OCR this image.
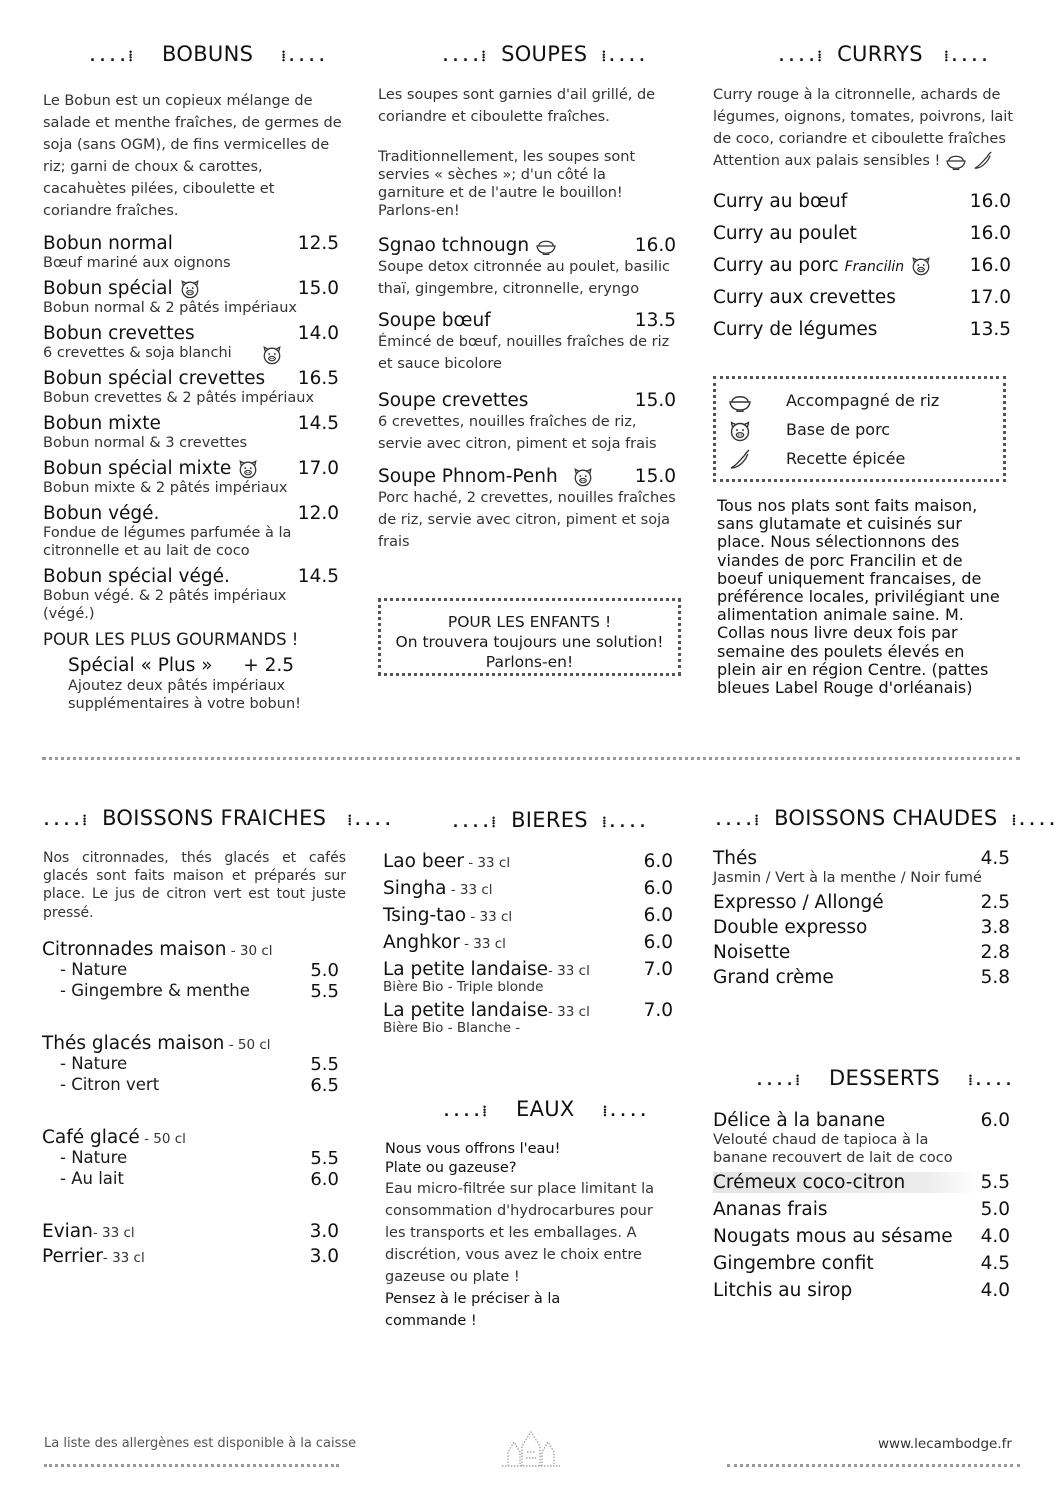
....⁞ BOBUNS ⁞....
Le Bobun est un copieux mélange de salade et menthe fraîches, de germes de soja (sans OGM), de fins vermicelles de riz; garni de choux & carottes, cacahuètes pilées, ciboulette et coriandre fraîches.
Bobun normal	12.5
Bœuf mariné aux oignons
Bobun spécial	15.0
Bobun normal & 2 pâtés impériaux
Bobun crevettes	14.0
6 crevettes & soja blanchi
Bobun spécial crevettes	16.5
Bobun crevettes & 2 pâtés impériaux
Bobun mixte	14.5
Bobun normal & 3 crevettes
Bobun spécial mixte	17.0
Bobun mixte & 2 pâtés impériaux
Bobun végé.	12.0
Fondue de légumes parfumée à la citronnelle et au lait de coco
Bobun spécial végé.	14.5
Bobun végé. & 2 pâtés impériaux (végé.)
POUR LES PLUS GOURMANDS !
Spécial « Plus »	+ 2.5
Ajoutez deux pâtés impériaux supplémentaires à votre bobun!
....⁞ SOUPES ⁞....
Les soupes sont garnies d'ail grillé, de coriandre et ciboulette fraîches.
Traditionnellement, les soupes sont servies « sèches »; d'un côté la garniture et de l'autre le bouillon! Parlons-en!
Sgnao tchnougn	16.0
Soupe detox citronnée au poulet, basilic thaï, gingembre, citronnelle, eryngo
Soupe bœuf	13.5
Émincé de bœuf, nouilles fraîches de riz et sauce bicolore
Soupe crevettes	15.0
6 crevettes, nouilles fraîches de riz, servie avec citron, piment et soja frais
Soupe Phnom-Penh	15.0
Porc haché, 2 crevettes, nouilles fraîches de riz, servie avec citron, piment et soja frais
POUR LES ENFANTS !
On trouvera toujours une solution!
Parlons-en!
....⁞ CURRYS ⁞....
Curry rouge à la citronnelle, achards de légumes, oignons, tomates, poivrons, lait de coco, coriandre et ciboulette fraîches
Attention aux palais sensibles !
Curry au bœuf	16.0
Curry au poulet	16.0
Curry au porc Francilin	16.0
Curry aux crevettes	17.0
Curry de légumes	13.5
Accompagné de riz
Base de porc
Recette épicée
Tous nos plats sont faits maison, sans glutamate et cuisinés sur place. Nous sélectionnons des viandes de porc Francilin et de boeuf uniquement francaises, de préférence locales, privilégiant une alimentation animale saine. M. Collas nous livre deux fois par semaine des poulets élevés en plein air en région Centre. (pattes bleues Label Rouge d'orléanais)
....⁞ BOISSONS FRAICHES ⁞....
Nos citronnades, thés glacés et cafés glacés sont faits maison et préparés sur place. Le jus de citron vert est tout juste pressé.
Citronnades maison - 30 cl
- Nature	5.0
- Gingembre & menthe	5.5
Thés glacés maison - 50 cl
- Nature	5.5
- Citron vert	6.5
Café glacé - 50 cl
- Nature	5.5
- Au lait	6.0
Evian- 33 cl	3.0
Perrier- 33 cl	3.0
....⁞ BIERES ⁞....
Lao beer - 33 cl	6.0
Singha - 33 cl	6.0
Tsing-tao - 33 cl	6.0
Anghkor - 33 cl	6.0
La petite landaise- 33 cl	7.0
Bière Bio - Triple blonde
La petite landaise- 33 cl	7.0
Bière Bio - Blanche -
....⁞ EAUX ⁞....
Nous vous offrons l'eau!
Plate ou gazeuse?
Eau micro-filtrée sur place limitant la consommation d'hydrocarbures pour les transports et les emballages. A discrétion, vous avez le choix entre gazeuse ou plate !
Pensez à le préciser à la commande !
....⁞ BOISSONS CHAUDES ⁞....
Thés	4.5
Jasmin / Vert à la menthe / Noir fumé
Expresso / Allongé	2.5
Double expresso	3.8
Noisette	2.8
Grand crème	5.8
....⁞ DESSERTS ⁞....
Délice à la banane	6.0
Velouté chaud de tapioca à la banane recouvert de lait de coco
Crémeux coco-citron	5.5
Ananas frais	5.0
Nougats mous au sésame	4.0
Gingembre confit	4.5
Litchis au sirop	4.0
La liste des allergènes est disponible à la caisse	www.lecambodge.fr
